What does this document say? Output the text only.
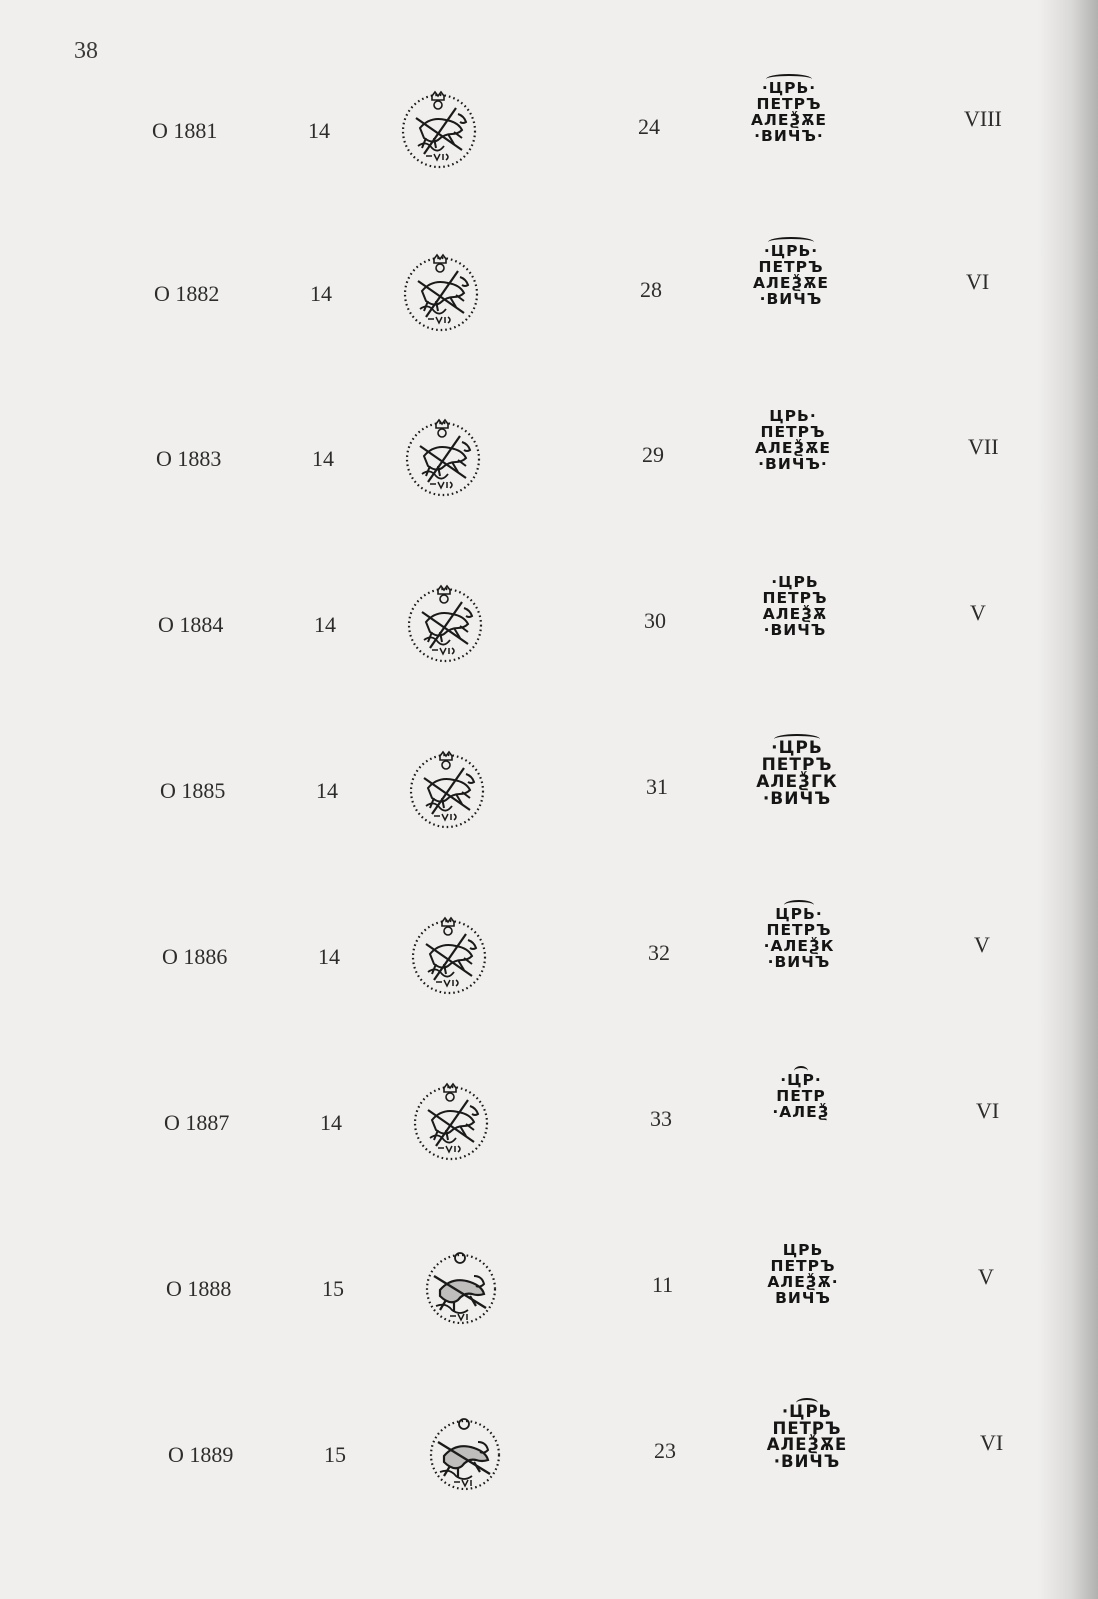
38
O 1881	14	24
·ЦРЬ·
ПЕТРЪ
АЛЕѮѪЕ
·ВИЧЪ·
VIII
O 1882	14	28
·ЦРЬ·
ПЕТРЪ
АЛЕѮѪЕ
·ВИЧЪ
VI
O 1883	14	29
ЦРЬ·
ПЕТРЪ
АЛЕѮѪЕ
·ВИЧЪ·
VII
O 1884	14	30
·ЦРЬ
ПЕТРЪ
АЛЕѮѪ
·ВИЧЪ
V
O 1885	14	31
·ЦРЬ
ПЕТРЪ
АЛЕѮГК
·ВИЧЪ
O 1886	14	32
ЦРЬ·
ПЕТРЪ
·АЛЕѮК
·ВИЧЪ
V
O 1887	14	33
·ЦР·
ПЕТР
·АЛЕѮ	VI
O 1888	15	11
ЦРЬ
ПЕТРЪ
АЛЕѮѪ·
ВИЧЪ
V
O 1889	15	23
·ЦРЬ
ПЕТРЪ
АЛЕѮѪЕ
·ВИЧЪ
VI
